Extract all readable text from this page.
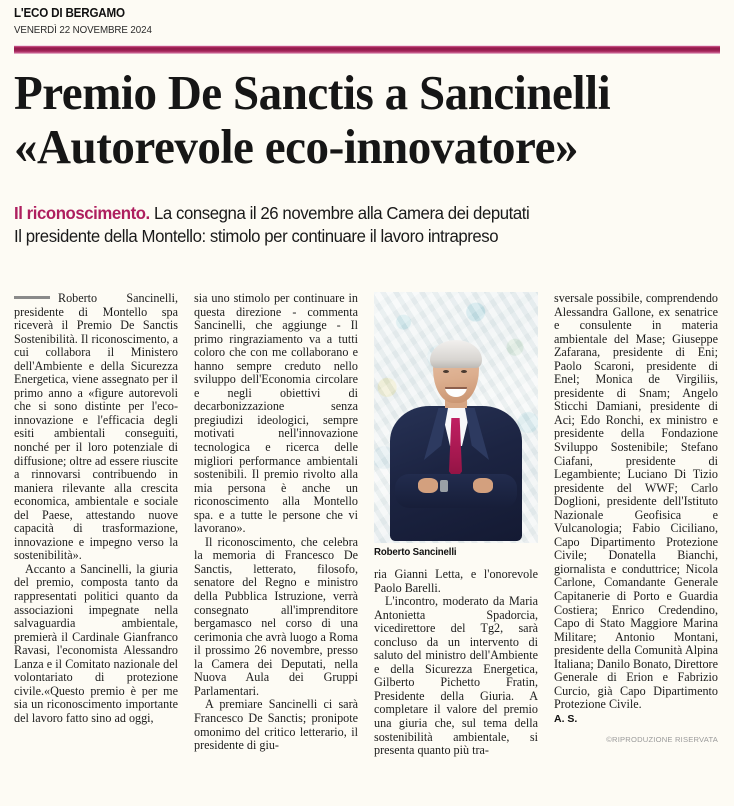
L'ECO DI BERGAMO
VENERDÌ 22 NOVEMBRE 2024
Premio De Sanctis a Sancinelli
«Autorevole eco-innovatore»
Il riconoscimento. La consegna il 26 novembre alla Camera dei deputati
Il presidente della Montello: stimolo per continuare il lavoro intrapreso

Roberto Sancinelli, presidente di Montello spa riceverà il Premio De Sanctis Sostenibilità. Il riconoscimento, a cui collabora il Ministero dell'Ambiente e della Sicurezza Energetica, viene assegnato per il primo anno a «figure autorevoli che si sono distinte per l'eco-innovazione e l'efficacia degli esiti ambientali conseguiti, nonché per il loro potenziale di diffusione; oltre ad essere riuscite a rinnovarsi contribuendo in maniera rilevante alla crescita economica, ambientale e sociale del Paese, attestando nuove capacità di trasformazione, innovazione e impegno verso la sostenibilità».

Accanto a Sancinelli, la giuria del premio, composta tanto da rappresentati politici quanto da associazioni impegnate nella salvaguardia ambientale, premierà il Cardinale Gianfranco Ravasi, l'economista Alessandro Lanza e il Comitato nazionale del volontariato di protezione civile.«Questo premio è per me sia un riconoscimento importante del lavoro fatto sino ad oggi,

sia uno stimolo per continuare in questa direzione - commenta Sancinelli, che aggiunge - Il primo ringraziamento va a tutti coloro che con me collaborano e hanno sempre creduto nello sviluppo dell'Economia circolare e negli obiettivi di decarbonizzazione senza pregiudizi ideologici, sempre motivati nell'innovazione tecnologica e ricerca delle migliori performance ambientali sostenibili. Il premio rivolto alla mia persona è anche un riconoscimento alla Montello spa. e a tutte le persone che vi lavorano».

Il riconoscimento, che celebra la memoria di Francesco De Sanctis, letterato, filosofo, senatore del Regno e ministro della Pubblica Istruzione, verrà consegnato all'imprenditore bergamasco nel corso di una cerimonia che avrà luogo a Roma il prossimo 26 novembre, presso la Camera dei Deputati, nella Nuova Aula dei Gruppi Parlamentari.

A premiare Sancinelli ci sarà Francesco De Sanctis; pronipote omonimo del critico letterario, il presidente di giu-

Roberto Sancinelli

ria Gianni Letta, e l'onorevole Paolo Barelli.

L'incontro, moderato da Maria Antonietta Spadorcia, vicedirettore del Tg2, sarà concluso da un intervento di saluto del ministro dell'Ambiente e della Sicurezza Energetica, Gilberto Pichetto Fratin, Presidente della Giuria. A completare il valore del premio una giuria che, sul tema della sostenibilità ambientale, si presenta quanto più tra-

sversale possibile, comprendendo Alessandra Gallone, ex senatrice e consulente in materia ambientale del Mase; Giuseppe Zafarana, presidente di Eni; Paolo Scaroni, presidente di Enel; Monica de Virgiliis, presidente di Snam; Angelo Sticchi Damiani, presidente di Aci; Edo Ronchi, ex ministro e presidente della Fondazione Sviluppo Sostenibile; Stefano Ciafani, presidente di Legambiente; Luciano Di Tizio presidente del WWF; Carlo Doglioni, presidente dell'Istituto Nazionale Geofisica e Vulcanologia; Fabio Ciciliano, Capo Dipartimento Protezione Civile; Donatella Bianchi, giornalista e conduttrice; Nicola Carlone, Comandante Generale Capitanerie di Porto e Guardia Costiera; Enrico Credendino, Capo di Stato Maggiore Marina Militare; Antonio Montani, presidente della Comunità Alpina Italiana; Danilo Bonato, Direttore Generale di Erion e Fabrizio Curcio, già Capo Dipartimento Protezione Civile.

A. S.
©RIPRODUZIONE RISERVATA
